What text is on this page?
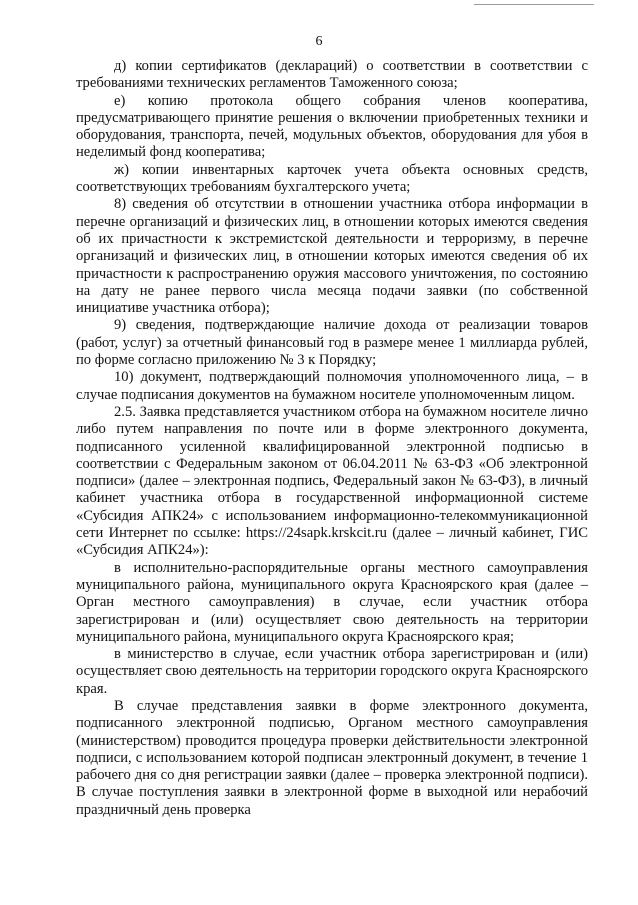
6

д) копии сертификатов (деклараций) о соответствии в соответствии с требованиями технических регламентов Таможенного союза;

е) копию протокола общего собрания членов кооператива, предусматривающего принятие решения о включении приобретенных техники и оборудования, транспорта, печей, модульных объектов, оборудования для убоя в неделимый фонд кооператива;

ж) копии инвентарных карточек учета объекта основных средств, соответствующих требованиям бухгалтерского учета;

8) сведения об отсутствии в отношении участника отбора информации в перечне организаций и физических лиц, в отношении которых имеются сведения об их причастности к экстремистской деятельности и терроризму, в перечне организаций и физических лиц, в отношении которых имеются сведения об их причастности к распространению оружия массового уничтожения, по состоянию на дату не ранее первого числа месяца подачи заявки (по собственной инициативе участника отбора);

9) сведения, подтверждающие наличие дохода от реализации товаров (работ, услуг) за отчетный финансовый год в размере менее 1 миллиарда рублей, по форме согласно приложению № 3 к Порядку;

10) документ, подтверждающий полномочия уполномоченного лица, – в случае подписания документов на бумажном носителе уполномоченным лицом.

2.5. Заявка представляется участником отбора на бумажном носителе лично либо путем направления по почте или в форме электронного документа, подписанного усиленной квалифицированной электронной подписью в соответствии с Федеральным законом от 06.04.2011 № 63-ФЗ «Об электронной подписи» (далее – электронная подпись, Федеральный закон № 63-ФЗ), в личный кабинет участника отбора в государственной информационной системе «Субсидия АПК24» с использованием информационно-телекоммуникационной сети Интернет по ссылке: https://24sapk.krskcit.ru (далее – личный кабинет, ГИС «Субсидия АПК24»):

в исполнительно-распорядительные органы местного самоуправления муниципального района, муниципального округа Красноярского края (далее – Орган местного самоуправления) в случае, если участник отбора зарегистрирован и (или) осуществляет свою деятельность на территории муниципального района, муниципального округа Красноярского края;

в министерство в случае, если участник отбора зарегистрирован и (или) осуществляет свою деятельность на территории городского округа Красноярского края.

В случае представления заявки в форме электронного документа, подписанного электронной подписью, Органом местного самоуправления (министерством) проводится процедура проверки действительности электронной подписи, с использованием которой подписан электронный документ, в течение 1 рабочего дня со дня регистрации заявки (далее – проверка электронной подписи). В случае поступления заявки в электронной форме в выходной или нерабочий праздничный день проверка
